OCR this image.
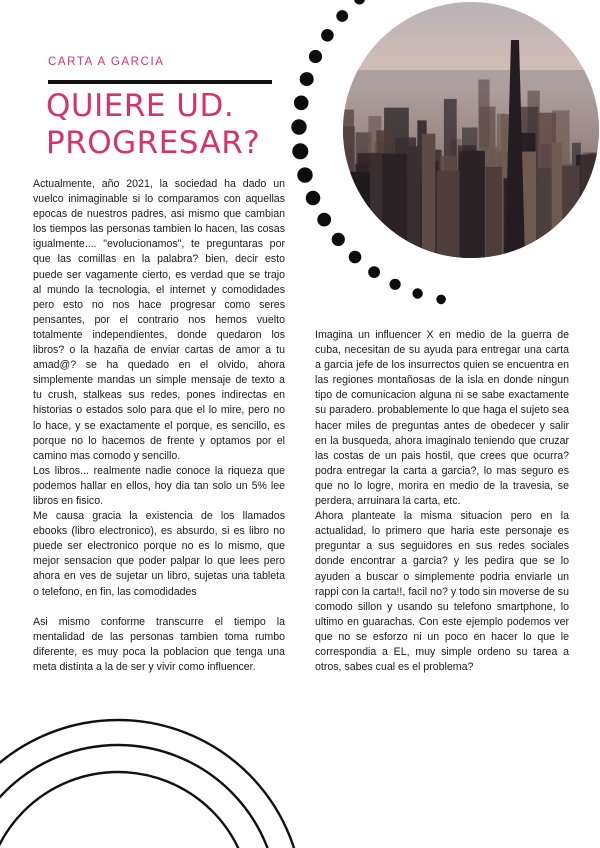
CARTA A GARCIA
QUIERE UD.
PROGRESAR?

Actualmente, año 2021, la sociedad ha dado un vuelco inimaginable si lo comparamos con aquellas epocas de nuestros padres, asi mismo que cambian los tiempos las personas tambien lo hacen, las cosas igualmente.... "evolucionamos", te preguntaras por que las comillas en la palabra? bien, decir esto puede ser vagamente cierto, es verdad que se trajo al mundo la tecnologia, el internet y comodidades pero esto no nos hace progresar como seres pensantes, por el contrario nos hemos vuelto totalmente independientes, donde quedaron los libros? o la hazaña de enviar cartas de amor a tu amad@? se ha quedado en el olvido, ahora simplemente mandas un simple mensaje de texto a tu crush, stalkeas sus redes, pones indirectas en historias o estados solo para que el lo mire, pero no lo hace, y se exactamente el porque, es sencillo, es porque no lo hacemos de frente y optamos por el camino mas comodo y sencillo.

Los libros... realmente nadie conoce la riqueza que podemos hallar en ellos, hoy dia tan solo un 5% lee libros en fisico.

Me causa gracia la existencia de los llamados ebooks (libro electronico), es absurdo, si es libro no puede ser electronico porque no es lo mismo, que mejor sensacion que poder palpar lo que lees pero ahora en ves de sujetar un libro, sujetas una tableta o telefono, en fin, las comodidades

Asi mismo conforme transcurre el tiempo la mentalidad de las personas tambien toma rumbo diferente, es muy poca la poblacion que tenga una meta distinta a la de ser y vivir como influencer.

Imagina un influencer X en medio de la guerra de cuba, necesitan de su ayuda para entregar una carta a garcia jefe de los insurrectos quien se encuentra en las regiones montañosas de la isla en donde ningun tipo de comunicacion alguna ni se sabe exactamente su paradero. probablemente lo que haga el sujeto sea hacer miles de preguntas antes de obedecer y salir en la busqueda, ahora imaginalo teniendo que cruzar las costas de un pais hostil, que crees que ocurra? podra entregar la carta a garcia?, lo mas seguro es que no lo logre, morira en medio de la travesia, se perdera, arruinara la carta, etc.

Ahora planteate la misma situacion pero en la actualidad, lo primero que haria este personaje es preguntar a sus seguidores en sus redes sociales donde encontrar a garcia? y les pedira que se lo ayuden a buscar o simplemente podria enviarle un rappi con la carta!!, facil no? y todo sin moverse de su comodo sillon y usando su telefono smartphone, lo ultimo en guarachas. Con este ejemplo podemos ver que no se esforzo ni un poco en hacer lo que le correspondia a EL, muy simple ordeno su tarea a otros, sabes cual es el problema?
